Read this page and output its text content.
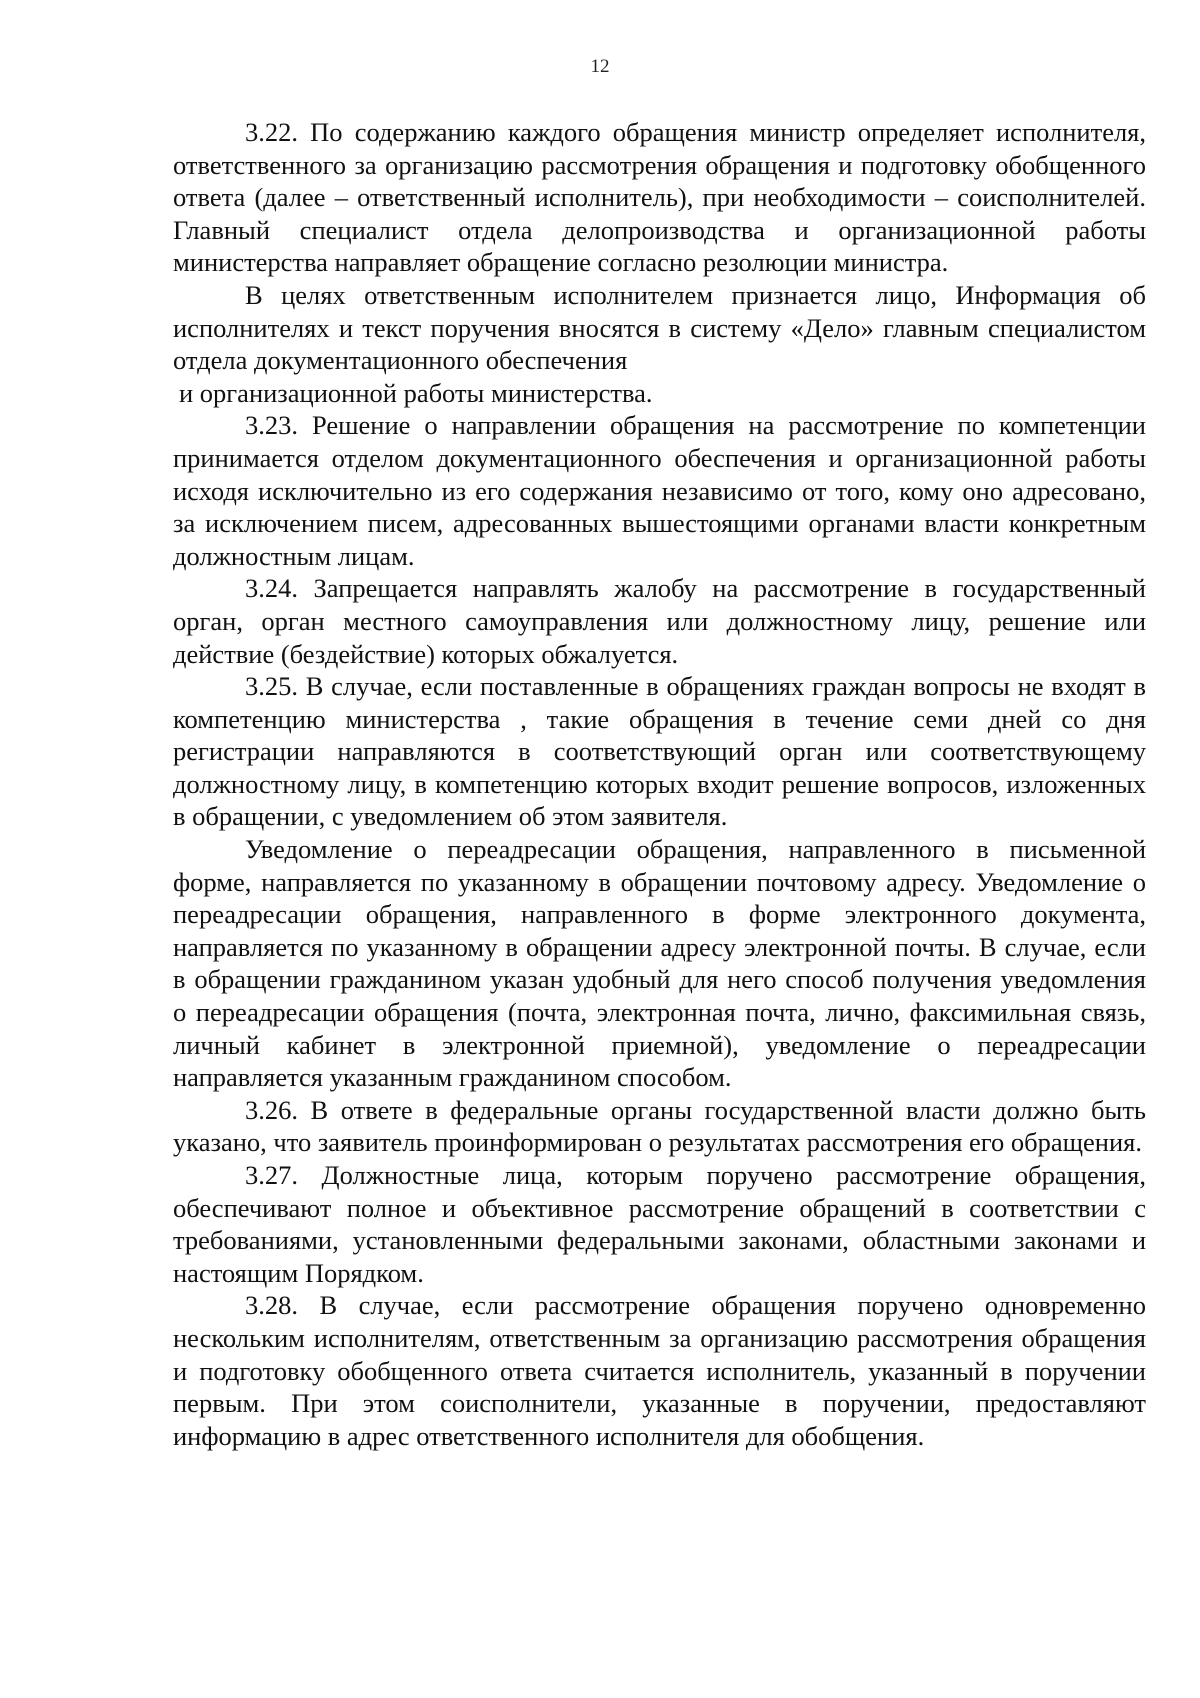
12

3.22. По содержанию каждого обращения министр определяет исполнителя, ответственного за организацию рассмотрения обращения и подготовку обобщенного ответа (далее – ответственный исполнитель), при необходимости – соисполнителей. Главный специалист отдела делопроизводства и организационной работы министерства направляет обращение согласно резолюции министра.

В целях ответственным исполнителем признается лицо, Информация об исполнителях и текст поручения вносятся в систему «Дело» главным специалистом отдела документационного обеспечения

и организационной работы министерства.

3.23. Решение о направлении обращения на рассмотрение по компетенции принимается отделом документационного обеспечения и организационной работы исходя исключительно из его содержания независимо от того, кому оно адресовано, за исключением писем, адресованных вышестоящими органами власти конкретным должностным лицам.

3.24. Запрещается направлять жалобу на рассмотрение в государственный орган, орган местного самоуправления или должностному лицу, решение или действие (бездействие) которых обжалуется.

3.25. В случае, если поставленные в обращениях граждан вопросы не входят в компетенцию министерства , такие обращения в течение семи дней со дня регистрации направляются в соответствующий орган или соответствующему должностному лицу, в компетенцию которых входит решение вопросов, изложенных в обращении, с уведомлением об этом заявителя.

Уведомление о переадресации обращения, направленного в письменной форме, направляется по указанному в обращении почтовому адресу. Уведомление о переадресации обращения, направленного в форме электронного документа, направляется по указанному в обращении адресу электронной почты. В случае, если в обращении гражданином указан удобный для него способ получения уведомления о переадресации обращения (почта, электронная почта, лично, факсимильная связь, личный кабинет в электронной приемной), уведомление о переадресации направляется указанным гражданином способом.

3.26. В ответе в федеральные органы государственной власти должно быть указано, что заявитель проинформирован о результатах рассмотрения его обращения.

3.27. Должностные лица, которым поручено рассмотрение обращения, обеспечивают полное и объективное рассмотрение обращений в соответствии с требованиями, установленными федеральными законами, областными законами и настоящим Порядком.

3.28. В случае, если рассмотрение обращения поручено одновременно нескольким исполнителям, ответственным за организацию рассмотрения обращения и подготовку обобщенного ответа считается исполнитель, указанный в поручении первым. При этом соисполнители, указанные в поручении, предоставляют информацию в адрес ответственного исполнителя для обобщения.
